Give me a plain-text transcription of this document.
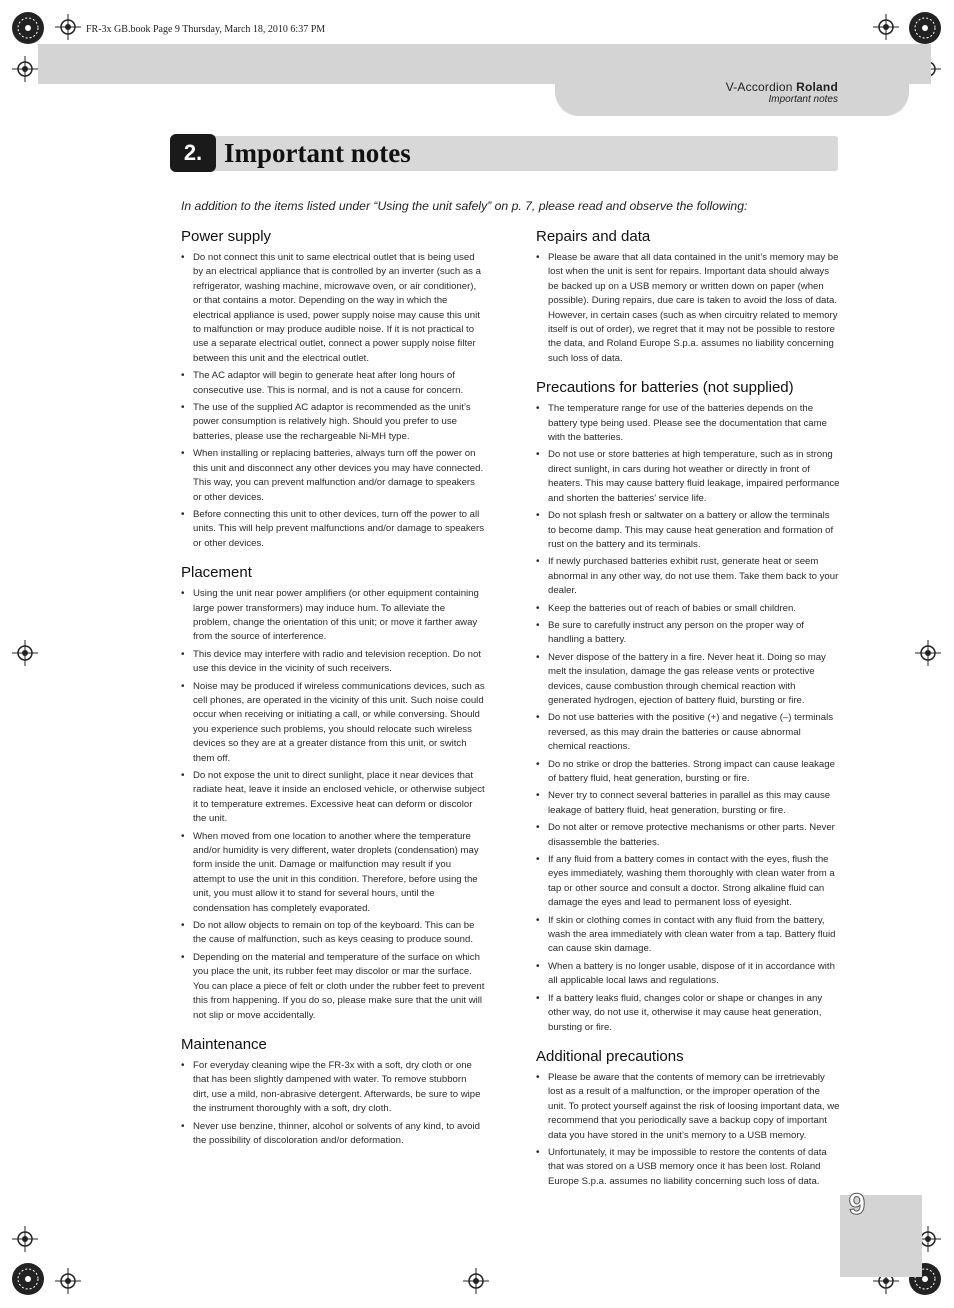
FR-3x GB.book Page 9 Thursday, March 18, 2010 6:37 PM
V-Accordion Roland
Important notes
2. Important notes
In addition to the items listed under “Using the unit safely” on p. 7, please read and observe the following:
Power supply
• Do not connect this unit to same electrical outlet that is being used by an electrical appliance that is controlled by an inverter (such as a refrigerator, washing machine, microwave oven, or air conditioner), or that contains a motor. Depending on the way in which the electrical appliance is used, power supply noise may cause this unit to malfunction or may produce audible noise. If it is not practical to use a separate electrical outlet, connect a power supply noise filter between this unit and the electrical outlet.
• The AC adaptor will begin to generate heat after long hours of consecutive use. This is normal, and is not a cause for concern.
• The use of the supplied AC adaptor is recommended as the unit’s power consumption is relatively high. Should you prefer to use batteries, please use the rechargeable Ni-MH type.
• When installing or replacing batteries, always turn off the power on this unit and disconnect any other devices you may have connected. This way, you can prevent malfunction and/or damage to speakers or other devices.
• Before connecting this unit to other devices, turn off the power to all units. This will help prevent malfunctions and/or damage to speakers or other devices.
Placement
• Using the unit near power amplifiers (or other equipment containing large power transformers) may induce hum. To alleviate the problem, change the orientation of this unit; or move it farther away from the source of interference.
• This device may interfere with radio and television reception. Do not use this device in the vicinity of such receivers.
• Noise may be produced if wireless communications devices, such as cell phones, are operated in the vicinity of this unit. Such noise could occur when receiving or initiating a call, or while conversing. Should you experience such problems, you should relocate such wireless devices so they are at a greater distance from this unit, or switch them off.
• Do not expose the unit to direct sunlight, place it near devices that radiate heat, leave it inside an enclosed vehicle, or otherwise subject it to temperature extremes. Excessive heat can deform or discolor the unit.
• When moved from one location to another where the temperature and/or humidity is very different, water droplets (condensation) may form inside the unit. Damage or malfunction may result if you attempt to use the unit in this condition. Therefore, before using the unit, you must allow it to stand for several hours, until the condensation has completely evaporated.
• Do not allow objects to remain on top of the keyboard. This can be the cause of malfunction, such as keys ceasing to produce sound.
• Depending on the material and temperature of the surface on which you place the unit, its rubber feet may discolor or mar the surface.
You can place a piece of felt or cloth under the rubber feet to prevent this from happening. If you do so, please make sure that the unit will not slip or move accidentally.
Maintenance
• For everyday cleaning wipe the FR-3x with a soft, dry cloth or one that has been slightly dampened with water. To remove stubborn dirt, use a mild, non-abrasive detergent. Afterwards, be sure to wipe the instrument thoroughly with a soft, dry cloth.
• Never use benzine, thinner, alcohol or solvents of any kind, to avoid the possibility of discoloration and/or deformation.
Repairs and data
• Please be aware that all data contained in the unit’s memory may be lost when the unit is sent for repairs. Important data should always be backed up on a USB memory or written down on paper (when possible). During repairs, due care is taken to avoid the loss of data. However, in certain cases (such as when circuitry related to memory itself is out of order), we regret that it may not be possible to restore the data, and Roland Europe S.p.a. assumes no liability concerning such loss of data.
Precautions for batteries (not supplied)
• The temperature range for use of the batteries depends on the battery type being used. Please see the documentation that came with the batteries.
• Do not use or store batteries at high temperature, such as in strong direct sunlight, in cars during hot weather or directly in front of heaters. This may cause battery fluid leakage, impaired performance and shorten the batteries’ service life.
• Do not splash fresh or saltwater on a battery or allow the terminals to become damp. This may cause heat generation and formation of rust on the battery and its terminals.
• If newly purchased batteries exhibit rust, generate heat or seem abnormal in any other way, do not use them. Take them back to your dealer.
• Keep the batteries out of reach of babies or small children.
• Be sure to carefully instruct any person on the proper way of handling a battery.
• Never dispose of the battery in a fire. Never heat it. Doing so may melt the insulation, damage the gas release vents or protective devices, cause combustion through chemical reaction with generated hydrogen, ejection of battery fluid, bursting or fire.
• Do not use batteries with the positive (+) and negative (–) terminals reversed, as this may drain the batteries or cause abnormal chemical reactions.
• Do no strike or drop the batteries. Strong impact can cause leakage of battery fluid, heat generation, bursting or fire.
• Never try to connect several batteries in parallel as this may cause leakage of battery fluid, heat generation, bursting or fire.
• Do not alter or remove protective mechanisms or other parts. Never disassemble the batteries.
• If any fluid from a battery comes in contact with the eyes, flush the eyes immediately, washing them thoroughly with clean water from a tap or other source and consult a doctor. Strong alkaline fluid can damage the eyes and lead to permanent loss of eyesight.
• If skin or clothing comes in contact with any fluid from the battery, wash the area immediately with clean water from a tap. Battery fluid can cause skin damage.
• When a battery is no longer usable, dispose of it in accordance with all applicable local laws and regulations.
• If a battery leaks fluid, changes color or shape or changes in any other way, do not use it, otherwise it may cause heat generation, bursting or fire.
Additional precautions
• Please be aware that the contents of memory can be irretrievably lost as a result of a malfunction, or the improper operation of the unit. To protect yourself against the risk of loosing important data, we recommend that you periodically save a backup copy of important data you have stored in the unit’s memory to a USB memory.
• Unfortunately, it may be impossible to restore the contents of data that was stored on a USB memory once it has been lost. Roland Europe S.p.a. assumes no liability concerning such loss of data.
9
